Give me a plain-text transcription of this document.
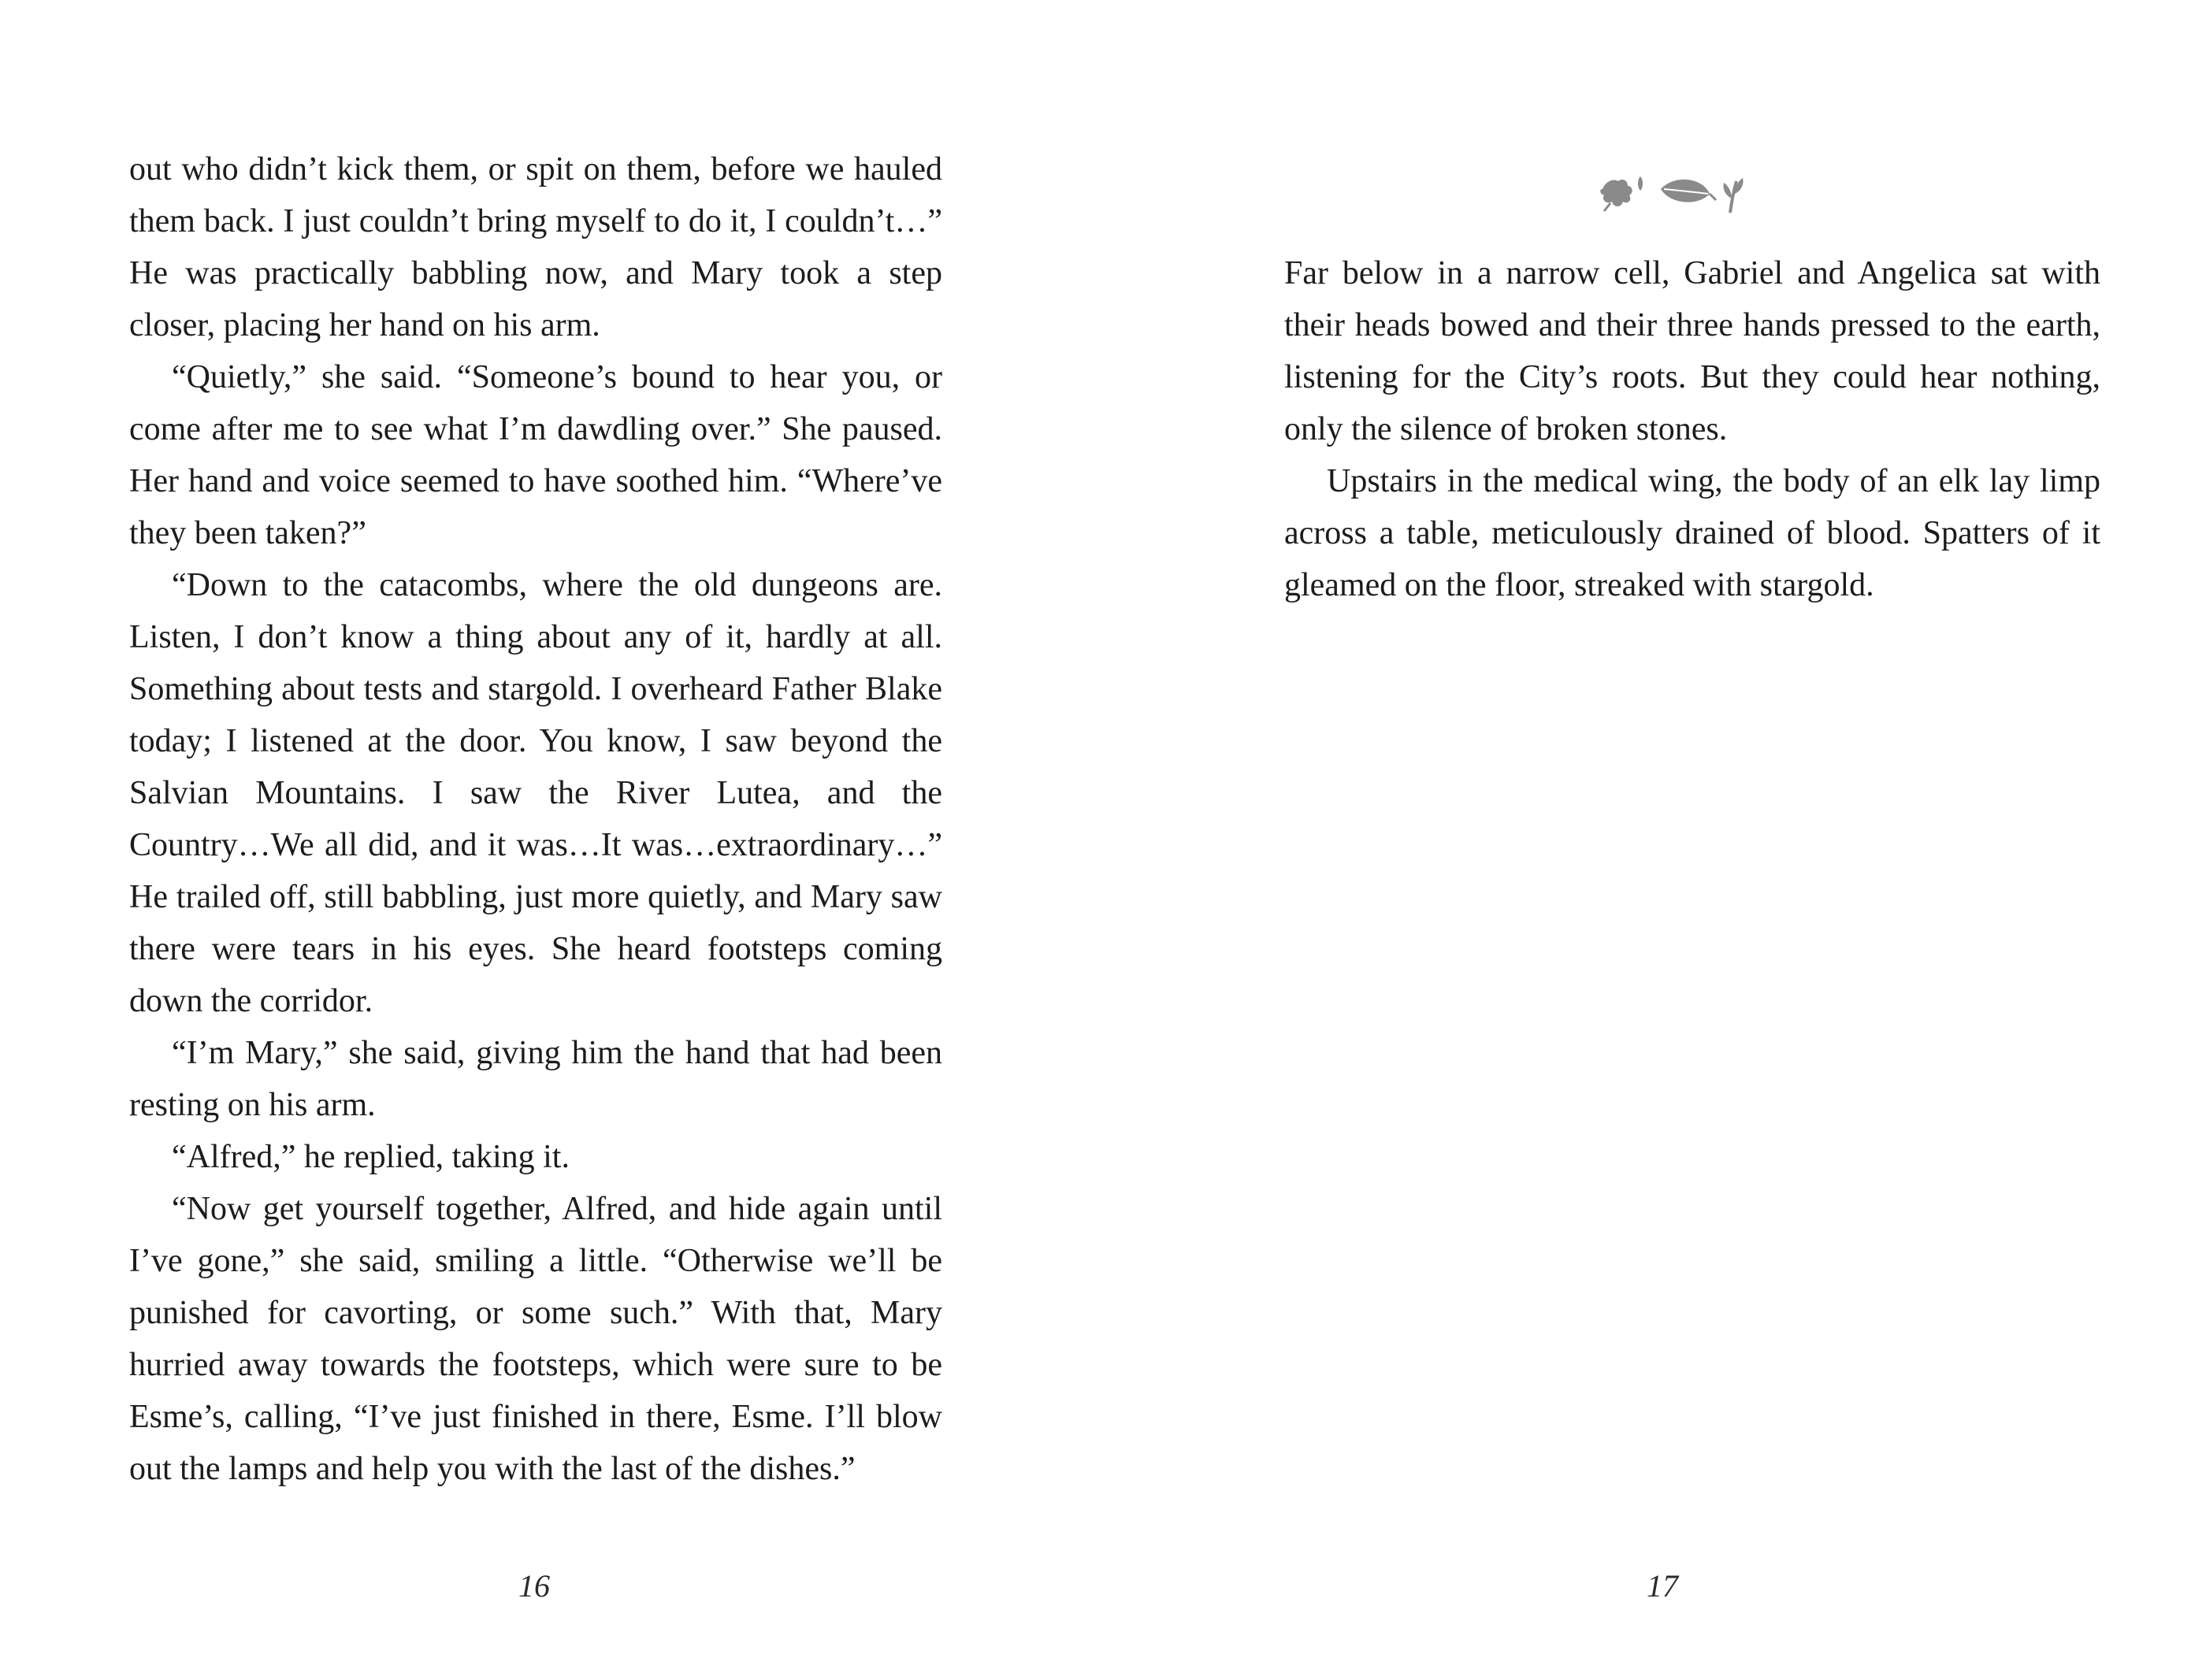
out who didn’t kick them, or spit on them, before we hauled them back. I just couldn’t bring myself to do it, I couldn’t…” He was practically babbling now, and Mary took a step closer, placing her hand on his arm.

“Quietly,” she said. “Someone’s bound to hear you, or come after me to see what I’m dawdling over.” She paused. Her hand and voice seemed to have soothed him. “Where’ve they been taken?”

“Down to the catacombs, where the old dungeons are. Listen, I don’t know a thing about any of it, hardly at all. Something about tests and stargold. I overheard Father Blake today; I listened at the door. You know, I saw beyond the Salvian Mountains. I saw the River Lutea, and the Country…We all did, and it was…It was…extraordinary…” He trailed off, still babbling, just more quietly, and Mary saw there were tears in his eyes. She heard footsteps coming down the corridor.

“I’m Mary,” she said, giving him the hand that had been resting on his arm.

“Alfred,” he replied, taking it.

“Now get yourself together, Alfred, and hide again until I’ve gone,” she said, smiling a little. “Otherwise we’ll be punished for cavorting, or some such.” With that, Mary hurried away towards the footsteps, which were sure to be Esme’s, calling, “I’ve just finished in there, Esme. I’ll blow out the lamps and help you with the last of the dishes.”

16

Far below in a narrow cell, Gabriel and Angelica sat with their heads bowed and their three hands pressed to the earth, listening for the City’s roots. But they could hear nothing, only the silence of broken stones.

Upstairs in the medical wing, the body of an elk lay limp across a table, meticulously drained of blood. Spatters of it gleamed on the floor, streaked with stargold.

17
